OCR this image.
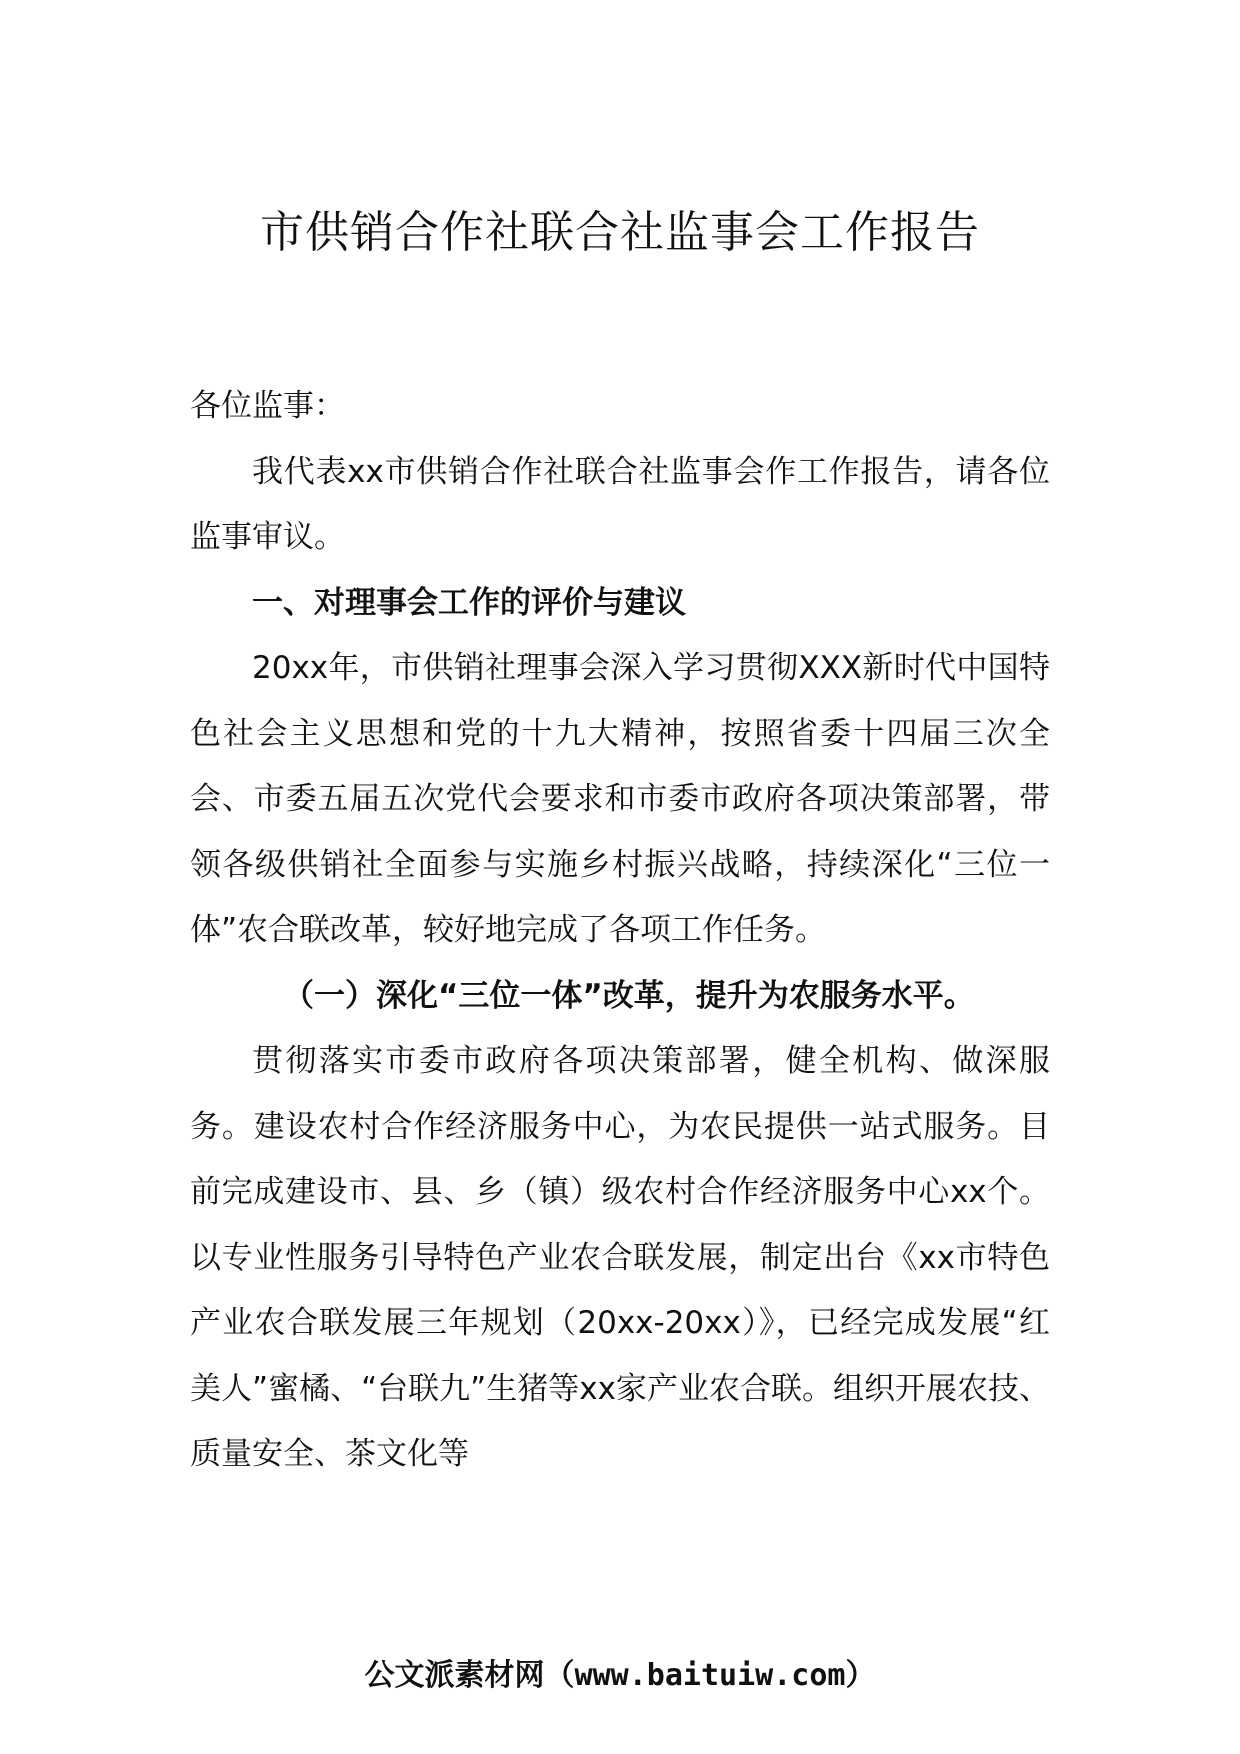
市供销合作社联合社监事会工作报告

各位监事：

我代表xx市供销合作社联合社监事会作工作报告，请各位监事审议。

一、对理事会工作的评价与建议

20xx年，市供销社理事会深入学习贯彻XXX新时代中国特色社会主义思想和党的十九大精神，按照省委十四届三次全会、市委五届五次党代会要求和市委市政府各项决策部署，带领各级供销社全面参与实施乡村振兴战略，持续深化“三位一体”农合联改革，较好地完成了各项工作任务。

（一）深化“三位一体”改革，提升为农服务水平。

贯彻落实市委市政府各项决策部署，健全机构、做深服务。建设农村合作经济服务中心，为农民提供一站式服务。目前完成建设市、县、乡（镇）级农村合作经济服务中心xx个。以专业性服务引导特色产业农合联发展，制定出台《xx市特色产业农合联发展三年规划（20xx-20xx）》，已经完成发展“红美人”蜜橘、“台联九”生猪等xx家产业农合联。组织开展农技、质量安全、茶文化等

公文派素材网（www.baituiw.com）
